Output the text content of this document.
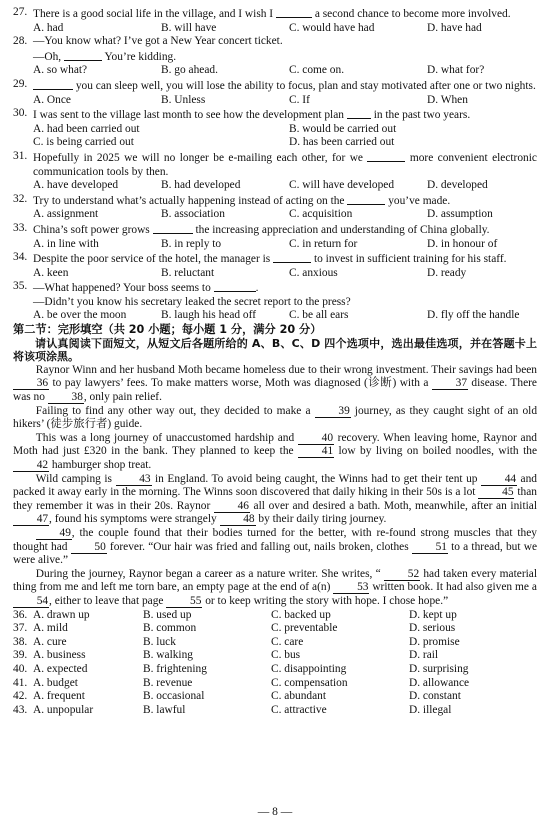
27. There is a good social life in the village, and I wish I	a second chance to become more involved.
A. had	B. will have	C. would have had	D. have had
28. —You know what? I’ve got a New Year concert ticket.
—Oh,	You’re kidding.
A. so what?	B. go ahead.	C. come on.	D. what for?
29.	you can sleep well, you will lose the ability to focus, plan and stay motivated after one or two nights.
A. Once	B. Unless	C. If	D. When
30. I was sent to the village last month to see how the development plan	in the past two years.
A. had been carried out	B. would be carried out
C. is being carried out	D. has been carried out
31. Hopefully in 2025 we will no longer be e-mailing each other, for we	more convenient electronic communication tools by then.
A. have developed	B. had developed	C. will have developed	D. developed
32. Try to understand what’s actually happening instead of acting on the	you’ve made.
A. assignment	B. association	C. acquisition	D. assumption
33. China’s soft power grows	the increasing appreciation and understanding of China globally.
A. in line with	B. in reply to	C. in return for	D. in honour of
34. Despite the poor service of the hotel, the manager is	to invest in sufficient training for his staff.
A. keen	B. reluctant	C. anxious	D. ready
35. —What happened? Your boss seems to	.
—Didn’t you know his secretary leaked the secret report to the press?
A. be over the moon	B. laugh his head off	C. be all ears	D. fly off the handle
第二节：完形填空（共 20 小题；每小题 1 分，满分 20 分）
请认真阅读下面短文，从短文后各题所给的 A、B、C、D 四个选项中，选出最佳选项，并在答题卡上将该项涂黑。
Raynor Winn and her husband Moth became homeless due to their wrong investment. Their savings had been 36 to pay lawyers’ fees. To make matters worse, Moth was diagnosed (诊断) with a 37 disease. There was no 38, only pain relief.
Failing to find any other way out, they decided to make a 39 journey, as they caught sight of an old hikers’ (徒步旅行者) guide.
This was a long journey of unaccustomed hardship and 40 recovery. When leaving home, Raynor and Moth had just £320 in the bank. They planned to keep the 41 low by living on boiled noodles, with the 42 hamburger shop treat.
Wild camping is 43 in England. To avoid being caught, the Winns had to get their tent up 44 and packed it away early in the morning. The Winns soon discovered that daily hiking in their 50s is a lot 45 than they remember it was in their 20s. Raynor 46 all over and desired a bath. Moth, meanwhile, after an initial 47, found his symptoms were strangely 48 by their daily tiring journey.
49, the couple found that their bodies turned for the better, with re-found strong muscles that they thought had 50 forever. “Our hair was fried and falling out, nails broken, clothes 51 to a thread, but we were alive.”
During the journey, Raynor began a career as a nature writer. She writes, “ 52 had taken every material thing from me and left me torn bare, an empty page at the end of a(n) 53 written book. It had also given me a 54, either to leave that page 55 or to keep writing the story with hope. I chose hope.”
36. A. drawn up	B. used up	C. backed up	D. kept up
37. A. mild	B. common	C. preventable	D. serious
38. A. cure	B. luck	C. care	D. promise
39. A. business	B. walking	C. bus	D. rail
40. A. expected	B. frightening	C. disappointing	D. surprising
41. A. budget	B. revenue	C. compensation	D. allowance
42. A. frequent	B. occasional	C. abundant	D. constant
43. A. unpopular	B. lawful	C. attractive	D. illegal
— 8 —
